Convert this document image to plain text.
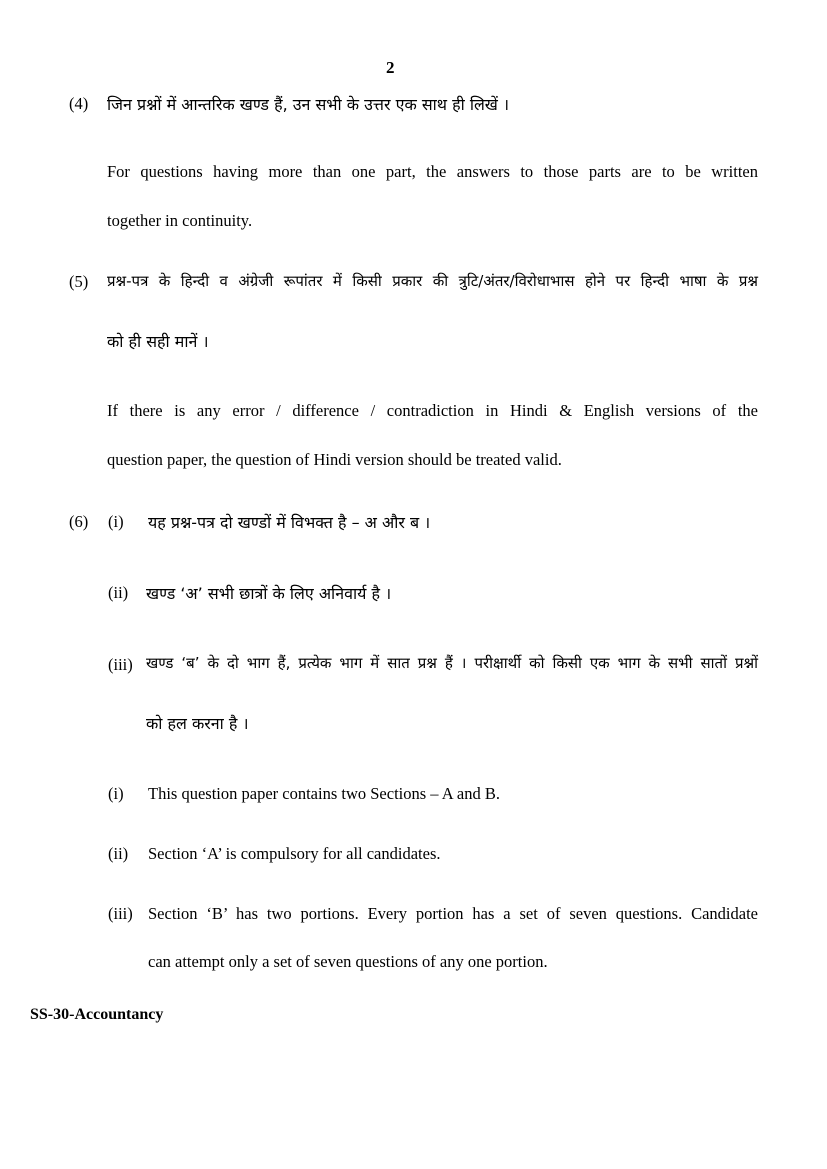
2
(4) जिन प्रश्नों में आन्तरिक खण्ड हैं, उन सभी के उत्तर एक साथ ही लिखें ।
For questions having more than one part, the answers to those parts are to be written
together in continuity.
(5) प्रश्न-पत्र के हिन्दी व अंग्रेजी रूपांतर में किसी प्रकार की त्रुटि/अंतर/विरोधाभास होने पर हिन्दी भाषा के प्रश्न
को ही सही मानें ।
If there is any error / difference / contradiction in Hindi & English versions of the
question paper, the question of Hindi version should be treated valid.
(6) (i) यह प्रश्न-पत्र दो खण्डों में विभक्त है – अ और ब ।
(ii) खण्ड ‘अ’ सभी छात्रों के लिए अनिवार्य है ।
(iii) खण्ड ‘ब’ के दो भाग हैं, प्रत्येक भाग में सात प्रश्न हैं । परीक्षार्थी को किसी एक भाग के सभी सातों प्रश्नों
को हल करना है ।
(i) This question paper contains two Sections – A and B.
(ii) Section ‘A’ is compulsory for all candidates.
(iii) Section ‘B’ has two portions. Every portion has a set of seven questions. Candidate
can attempt only a set of seven questions of any one portion.
SS-30-Accountancy
